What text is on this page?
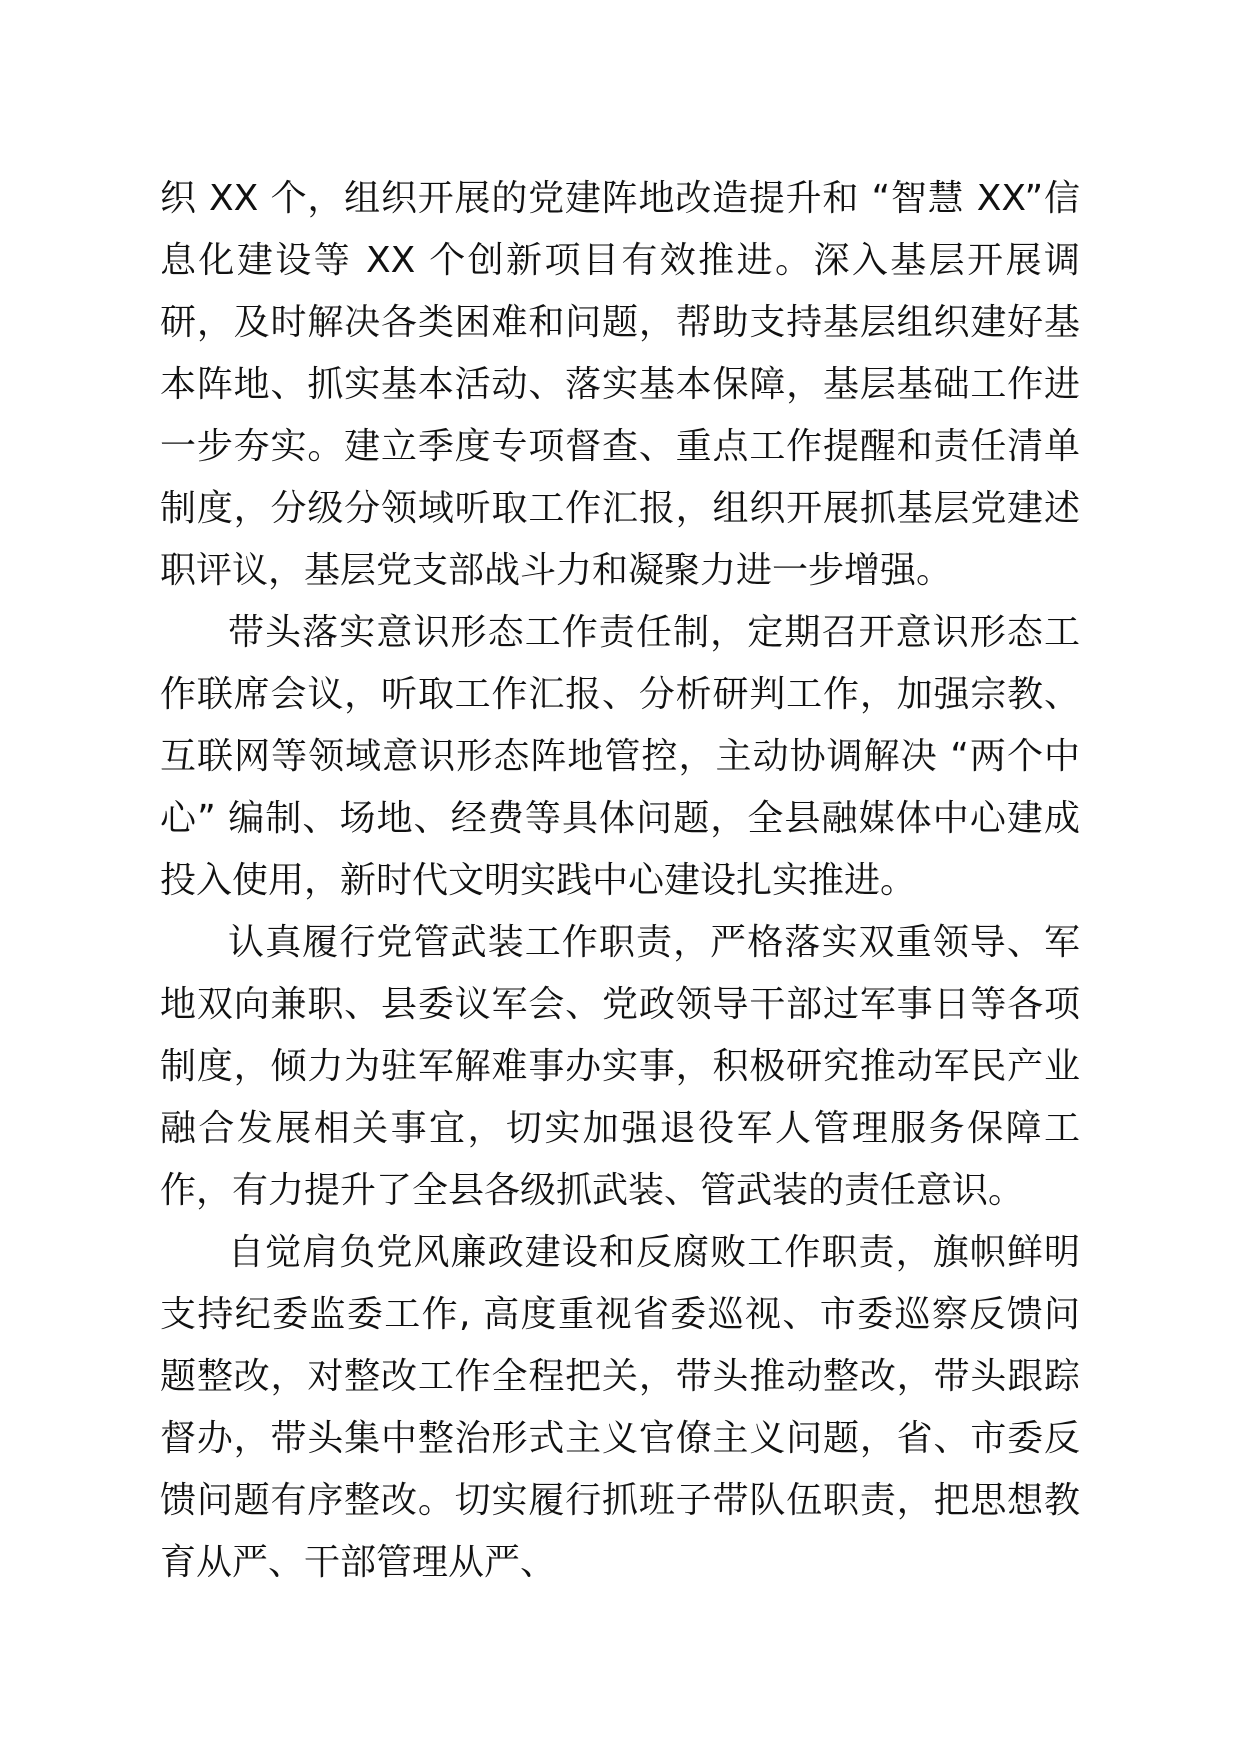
织 XX 个，组织开展的党建阵地改造提升和 “智慧 XX”信息化建设等 XX 个创新项目有效推进。深入基层开展调研，及时解决各类困难和问题，帮助支持基层组织建好基本阵地、抓实基本活动、落实基本保障，基层基础工作进一步夯实。建立季度专项督查、重点工作提醒和责任清单制度，分级分领域听取工作汇报，组织开展抓基层党建述职评议，基层党支部战斗力和凝聚力进一步增强。

带头落实意识形态工作责任制，定期召开意识形态工作联席会议，听取工作汇报、分析研判工作，加强宗教、互联网等领域意识形态阵地管控，主动协调解决 “两个中心” 编制、场地、经费等具体问题，全县融媒体中心建成投入使用，新时代文明实践中心建设扎实推进。

认真履行党管武装工作职责，严格落实双重领导、军地双向兼职、县委议军会、党政领导干部过军事日等各项制度，倾力为驻军解难事办实事，积极研究推动军民产业融合发展相关事宜，切实加强退役军人管理服务保障工作，有力提升了全县各级抓武装、管武装的责任意识。

自觉肩负党风廉政建设和反腐败工作职责，旗帜鲜明支持纪委监委工作, 高度重视省委巡视、市委巡察反馈问题整改，对整改工作全程把关，带头推动整改，带头跟踪督办，带头集中整治形式主义官僚主义问题，省、市委反馈问题有序整改。切实履行抓班子带队伍职责，把思想教育从严、干部管理从严、
